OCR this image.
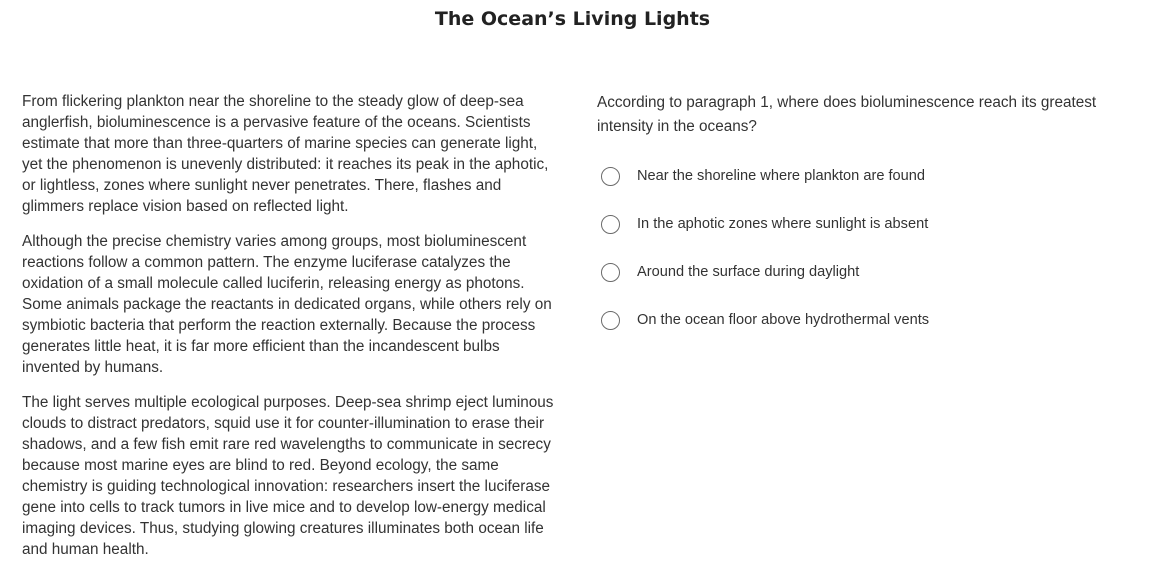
The Ocean’s Living Lights

From flickering plankton near the shoreline to the steady glow of deep-sea anglerfish, bioluminescence is a pervasive feature of the oceans. Scientists estimate that more than three-quarters of marine species can generate light, yet the phenomenon is unevenly distributed: it reaches its peak in the aphotic, or lightless, zones where sunlight never penetrates. There, flashes and glimmers replace vision based on reflected light.

Although the precise chemistry varies among groups, most bioluminescent reactions follow a common pattern. The enzyme luciferase catalyzes the oxidation of a small molecule called luciferin, releasing energy as photons. Some animals package the reactants in dedicated organs, while others rely on symbiotic bacteria that perform the reaction externally. Because the process generates little heat, it is far more efficient than the incandescent bulbs invented by humans.

The light serves multiple ecological purposes. Deep-sea shrimp eject luminous clouds to distract predators, squid use it for counter-illumination to erase their shadows, and a few fish emit rare red wavelengths to communicate in secrecy because most marine eyes are blind to red. Beyond ecology, the same chemistry is guiding technological innovation: researchers insert the luciferase gene into cells to track tumors in live mice and to develop low-energy medical imaging devices. Thus, studying glowing creatures illuminates both ocean life and human health.

According to paragraph 1, where does bioluminescence reach its greatest intensity in the oceans?

Near the shoreline where plankton are found
In the aphotic zones where sunlight is absent
Around the surface during daylight
On the ocean floor above hydrothermal vents
